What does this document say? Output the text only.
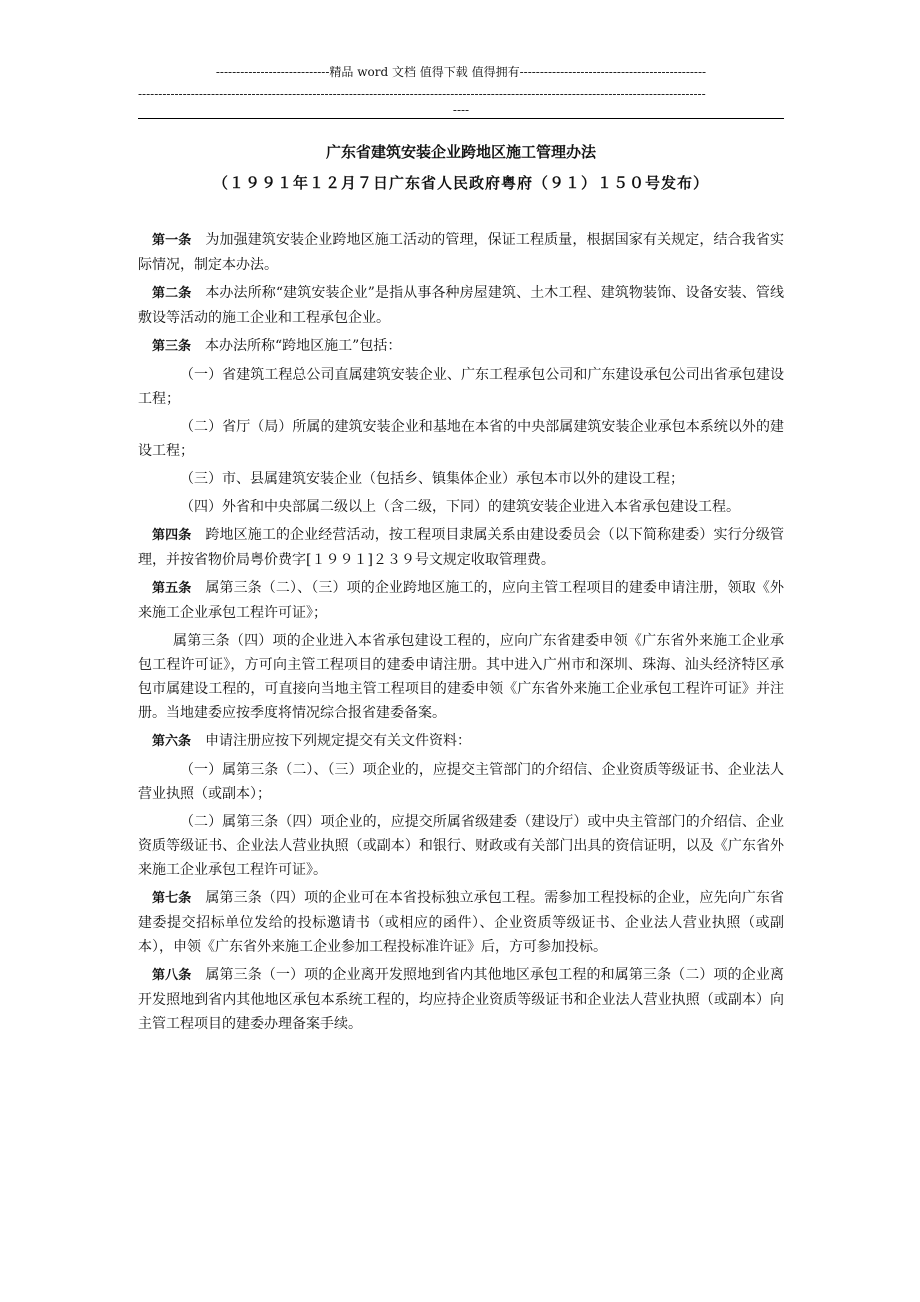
----------------------------精品 word 文档 值得下载 值得拥有----------------------------------------------
--------------------------------------------------------------------------------------------------------------------------------------------
----
广东省建筑安装企业跨地区施工管理办法
（１９９１年１２月７日广东省人民政府粤府（９１）１５０号发布）

第一条 为加强建筑安装企业跨地区施工活动的管理，保证工程质量，根据国家有关规定，结合我省实际情况，制定本办法。

第二条 本办法所称“建筑安装企业”是指从事各种房屋建筑、土木工程、建筑物装饰、设备安装、管线敷设等活动的施工企业和工程承包企业。

第三条 本办法所称“跨地区施工”包括：

（一）省建筑工程总公司直属建筑安装企业、广东工程承包公司和广东建设承包公司出省承包建设工程；

（二）省厅（局）所属的建筑安装企业和基地在本省的中央部属建筑安装企业承包本系统以外的建设工程；

（三）市、县属建筑安装企业（包括乡、镇集体企业）承包本市以外的建设工程；

（四）外省和中央部属二级以上（含二级，下同）的建筑安装企业进入本省承包建设工程。

第四条 跨地区施工的企业经营活动，按工程项目隶属关系由建设委员会（以下简称建委）实行分级管理，并按省物价局粤价费字[１９９１]２３９号文规定收取管理费。

第五条 属第三条（二）、（三）项的企业跨地区施工的，应向主管工程项目的建委申请注册，领取《外来施工企业承包工程许可证》；

属第三条（四）项的企业进入本省承包建设工程的，应向广东省建委申领《广东省外来施工企业承包工程许可证》，方可向主管工程项目的建委申请注册。其中进入广州市和深圳、珠海、汕头经济特区承包市属建设工程的，可直接向当地主管工程项目的建委申领《广东省外来施工企业承包工程许可证》并注册。当地建委应按季度将情况综合报省建委备案。

第六条 申请注册应按下列规定提交有关文件资料：

（一）属第三条（二）、（三）项企业的，应提交主管部门的介绍信、企业资质等级证书、企业法人营业执照（或副本）；

（二）属第三条（四）项企业的，应提交所属省级建委（建设厅）或中央主管部门的介绍信、企业资质等级证书、企业法人营业执照（或副本）和银行、财政或有关部门出具的资信证明，以及《广东省外来施工企业承包工程许可证》。

第七条 属第三条（四）项的企业可在本省投标独立承包工程。需参加工程投标的企业，应先向广东省建委提交招标单位发给的投标邀请书（或相应的函件）、企业资质等级证书、企业法人营业执照（或副本），申领《广东省外来施工企业参加工程投标准许证》后，方可参加投标。

第八条 属第三条（一）项的企业离开发照地到省内其他地区承包工程的和属第三条（二）项的企业离开发照地到省内其他地区承包本系统工程的，均应持企业资质等级证书和企业法人营业执照（或副本）向主管工程项目的建委办理备案手续。
